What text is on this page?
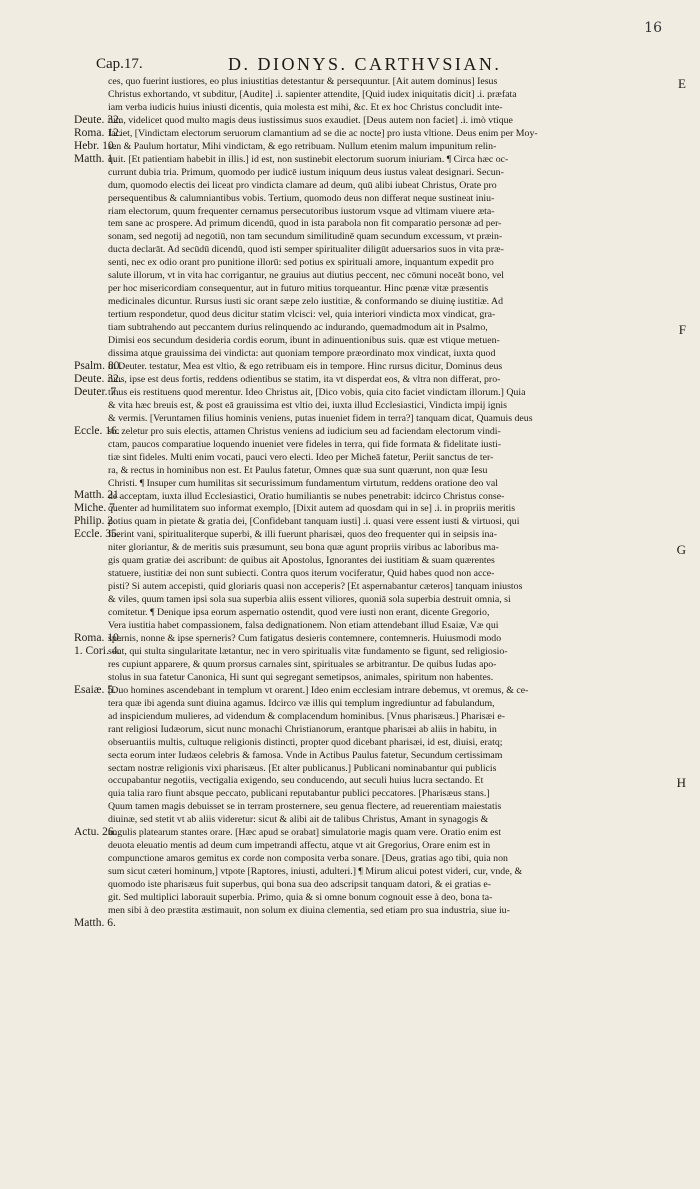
Cap.17.	D. DIONYS. CARTHVSIAN.
16
Deute. 32.
Roma. 12.
Hebr. 10.
Matth. 1.
Psalm. 80.
Deute. 32.
Deuter. 7.
Eccle. 16.
Matth. 21.
Miche. 7.
Philip. 2.
Eccle. 35.
Roma. 10.
1. Cori. 4.
Esaiæ. 5.
Actu. 26.
Matth. 6.
E
F
G
H
ces, quo fuerint iustiores, eo plus iniustitias detestantur & persequuntur. [Ait autem dominus] Iesus
Christus exhortando, vt subditur, [Audite] .i. sapienter attendite, [Quid iudex iniquitatis dicit] .i. præfata
iam verba iudicis huius iniusti dicentis, quia molesta est mihi, &c. Et ex hoc Christus concludit inte-
tum, videlicet quod multo magis deus iustissimus suos exaudiet. [Deus autem non faciet] .i. imò vtique
faciet, [Vindictam electorum seruorum clamantium ad se die ac nocte] pro iusta vltione. Deus enim per Moy-
sen & Paulum hortatur, Mihi vindictam, & ego retribuam. Nullum etenim malum impunitum relin-
quit. [Et patientiam habebit in illis.] id est, non sustinebit electorum suorum iniuriam. ¶ Circa hæc oc-
currunt dubia tria. Primum, quomodo per iudicē iustum iniquum deus iustus valeat designari. Secun-
dum, quomodo electis dei liceat pro vindicta clamare ad deum, quū alibi iubeat Christus, Orate pro
persequentibus & calumniantibus vobis. Tertium, quomodo deus non differat neque sustineat iniu-
riam electorum, quum frequenter cernamus persecutoribus iustorum vsque ad vltimam viuere æta-
tem sane ac prospere. Ad primum dicendū, quod in ista parabola non fit comparatio personæ ad per-
sonam, sed negotij ad negotiū, non tam secundum similitudinē quam secundum excessum, vt præin-
ducta declarāt. Ad secūdū dicendū, quod isti semper spiritualiter diligūt aduersarios suos in vita præ-
senti, nec ex odio orant pro punitione illorū: sed potius ex spirituali amore, inquantum expedit pro
salute illorum, vt in vita hac corrigantur, ne grauius aut diutius peccent, nec cōmuni noceāt bono, vel
per hoc misericordiam consequentur, aut in futuro mitius torqueantur. Hinc pœnæ vitæ præsentis
medicinales dicuntur. Rursus iusti sic orant sæpe zelo iustitiæ, & conformando se diuinę iustitiæ. Ad
tertium respondetur, quod deus dicitur statim vlcisci: vel, quia interiori vindicta mox vindicat, gra-
tiam subtrahendo aut peccantem durius relinquendo ac indurando, quemadmodum ait in Psalmo,
Dimisi eos secundum desideria cordis eorum, ibunt in adinuentionibus suis. quæ est vtique metuen-
dissima atque grauissima dei vindicta: aut quoniam tempore præordinato mox vindicat, iuxta quod
in Deuter. testatur, Mea est vltio, & ego retribuam eis in tempore. Hinc rursus dicitur, Dominus deus
tuus, ipse est deus fortis, reddens odientibus se statim, ita vt disperdat eos, & vltra non differat, pro-
tinus eis restituens quod merentur. Ideo Christus ait, [Dico vobis, quia cito faciet vindictam illorum.] Quia
& vita hæc breuis est, & post eā grauissima est vltio dei, iuxta illud Ecclesiastici, Vindicta impij ignis
& vermis. [Veruntamen filius hominis veniens, putas inueniet fidem in terra?] tanquam dicat, Quamuis deus
sic zeletur pro suis electis, attamen Christus veniens ad iudicium seu ad faciendam electorum vindi-
ctam, paucos comparatiue loquendo inueniet vere fideles in terra, qui fide formata & fidelitate iusti-
tiæ sint fideles. Multi enim vocati, pauci vero electi. Ideo per Micheā fatetur, Periit sanctus de ter-
ra, & rectus in hominibus non est. Et Paulus fatetur, Omnes quæ sua sunt quærunt, non quæ Iesu
Christi. ¶ Insuper cum humilitas sit securissimum fundamentum virtutum, reddens oratione deo val
de acceptam, iuxta illud Ecclesiastici, Oratio humiliantis se nubes penetrabit: idcirco Christus conse-
quenter ad humilitatem suo informat exemplo, [Dixit autem ad quosdam qui in se] .i. in propriis meritis
potius quam in pietate & gratia dei, [Confidebant tanquam iusti] .i. quasi vere essent iusti & virtuosi, qui
fuerint vani, spiritualiterque superbi, & illi fuerunt pharisæi, quos deo frequenter qui in seipsis ina-
niter gloriantur, & de meritis suis præsumunt, seu bona quæ agunt propriis viribus ac laboribus ma-
gis quam gratiæ dei ascribunt: de quibus ait Apostolus, Ignorantes dei iustitiam & suam quærentes
statuere, iustitiæ dei non sunt subiecti. Contra quos iterum vociferatur, Quid habes quod non acce-
pisti? Si autem accepisti, quid gloriaris quasi non acceperis? [Et aspernabantur cæteros] tanquam iniustos
& viles, quum tamen ipsi sola sua superbia aliis essent viliores, quoniā sola superbia destruit omnia, si
comitetur. ¶ Denique ipsa eorum aspernatio ostendit, quod vere iusti non erant, dicente Gregorio,
Vera iustitia habet compassionem, falsa dedignationem. Non etiam attendebant illud Esaiæ, Væ qui
spernis, nonne & ipse sperneris? Cum fatigatus desieris contemnere, contemneris. Huiusmodi modo
sunt, qui stulta singularitate lætantur, nec in vero spiritualis vitæ fundamento se figunt, sed religiosio-
res cupiunt apparere, & quum prorsus carnales sint, spirituales se arbitrantur. De quibus Iudas apo-
stolus in sua fatetur Canonica, Hi sunt qui segregant semetipsos, animales, spiritum non habentes.
[Duo homines ascendebant in templum vt orarent.] Ideo enim ecclesiam intrare debemus, vt oremus, & ce-
tera quæ ibi agenda sunt diuina agamus. Idcirco væ illis qui templum ingrediuntur ad fabulandum,
ad inspiciendum mulieres, ad videndum & complacendum hominibus. [Vnus pharisæus.] Pharisæi e-
rant religiosi Iudæorum, sicut nunc monachi Christianorum, erantque pharisæi ab aliis in habitu, in
obseruantiis multis, cultuque religionis distincti, propter quod dicebant pharisæi, id est, diuisi, eratq;
secta eorum inter Iudæos celebris & famosa. Vnde in Actibus Paulus fatetur, Secundum certissimam
sectam nostræ religionis vixi pharisæus. [Et alter publicanus.] Publicani nominabantur qui publicis
occupabantur negotiis, vectigalia exigendo, seu conducendo, aut seculi huius lucra sectando. Et
quia talia raro fiunt absque peccato, publicani reputabantur publici peccatores. [Pharisæus stans.]
Quum tamen magis debuisset se in terram prosternere, seu genua flectere, ad reuerentiam maiestatis
diuinæ, sed stetit vt ab aliis videretur: sicut & alibi ait de talibus Christus, Amant in synagogis &
angulis platearum stantes orare. [Hæc apud se orabat] simulatorie magis quam vere. Oratio enim est
deuota eleuatio mentis ad deum cum impetrandi affectu, atque vt ait Gregorius, Orare enim est in
compunctione amaros gemitus ex corde non composita verba sonare. [Deus, gratias ago tibi, quia non
sum sicut cæteri hominum,] vtpote [Raptores, iniusti, adulteri.] ¶ Mirum alicui potest videri, cur, vnde, &
quomodo iste pharisæus fuit superbus, qui bona sua deo adscripsit tanquam datori, & ei gratias e-
git. Sed multiplici laborauit superbia. Primo, quia & si omne bonum cognouit esse à deo, bona ta-
men sibi à deo præstita æstimauit, non solum ex diuina clementia, sed etiam pro sua industria, siue iu-
